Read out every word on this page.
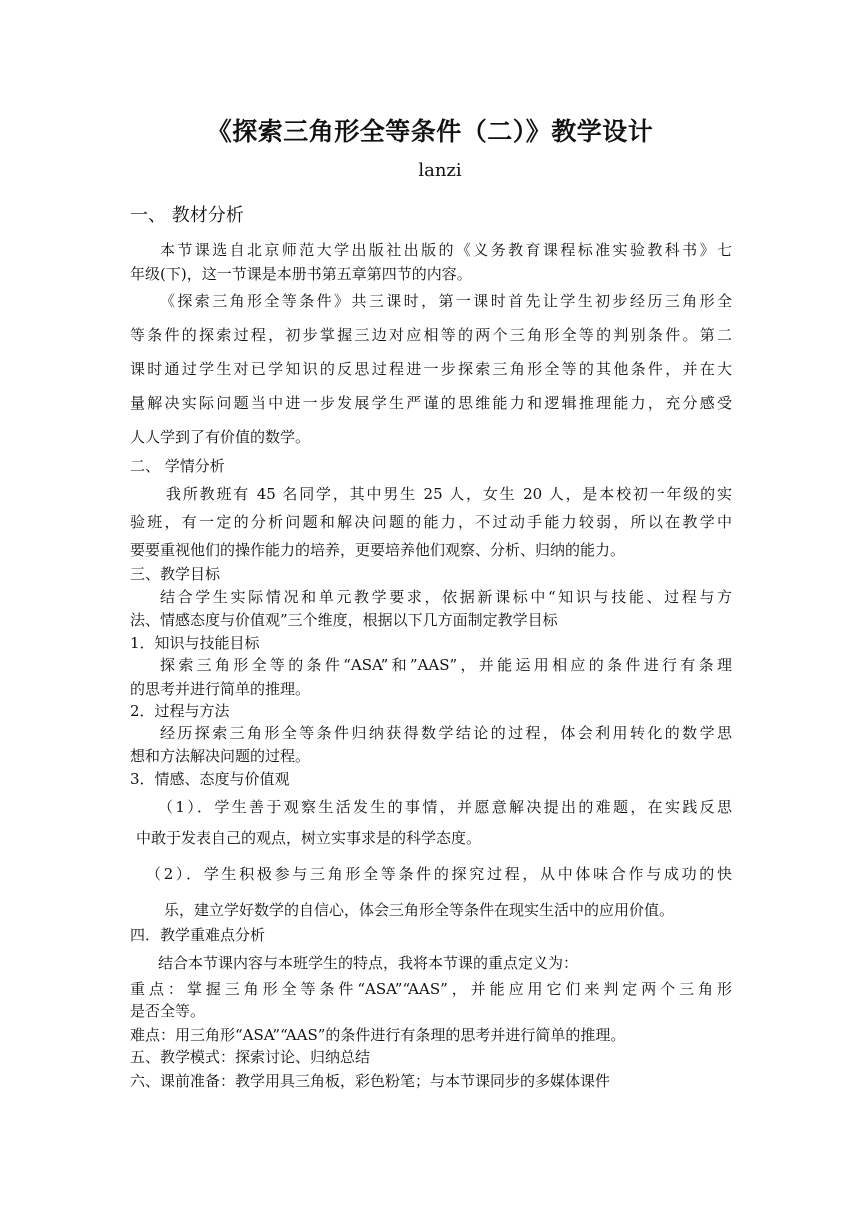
《探索三角形全等条件（二）》教学设计
lanzi
一、 教材分析
本节课选自北京师范大学出版社出版的《义务教育课程标准实验教科书》七
年级(下)，这一节课是本册书第五章第四节的内容。
《探索三角形全等条件》共三课时，第一课时首先让学生初步经历三角形全
等条件的探索过程，初步掌握三边对应相等的两个三角形全等的判别条件。第二
课时通过学生对已学知识的反思过程进一步探索三角形全等的其他条件，并在大
量解决实际问题当中进一步发展学生严谨的思维能力和逻辑推理能力，充分感受
人人学到了有价值的数学。
二、 学情分析
我所教班有 45 名同学，其中男生 25 人，女生 20 人，是本校初一年级的实
验班，有一定的分析问题和解决问题的能力，不过动手能力较弱，所以在教学中
要要重视他们的操作能力的培养，更要培养他们观察、分析、归纳的能力。
三、教学目标
结合学生实际情况和单元教学要求，依据新课标中“知识与技能、过程与方
法、情感态度与价值观”三个维度，根据以下几方面制定教学目标
1．知识与技能目标
探索三角形全等的条件“ASA”和”AAS”，并能运用相应的条件进行有条理
的思考并进行简单的推理。
2．过程与方法
经历探索三角形全等条件归纳获得数学结论的过程，体会利用转化的数学思
想和方法解决问题的过程。
3．情感、态度与价值观
（1）．学生善于观察生活发生的事情，并愿意解决提出的难题，在实践反思
中敢于发表自己的观点，树立实事求是的科学态度。
（2）．学生积极参与三角形全等条件的探究过程，从中体味合作与成功的快
乐，建立学好数学的自信心，体会三角形全等条件在现实生活中的应用价值。
四．教学重难点分析
结合本节课内容与本班学生的特点，我将本节课的重点定义为：
重点：掌握三角形全等条件“ASA”“AAS”，并能应用它们来判定两个三角形
是否全等。
难点：用三角形“ASA”“AAS”的条件进行有条理的思考并进行简单的推理。
五、教学模式：探索讨论、归纳总结
六、课前准备：教学用具三角板，彩色粉笔；与本节课同步的多媒体课件
